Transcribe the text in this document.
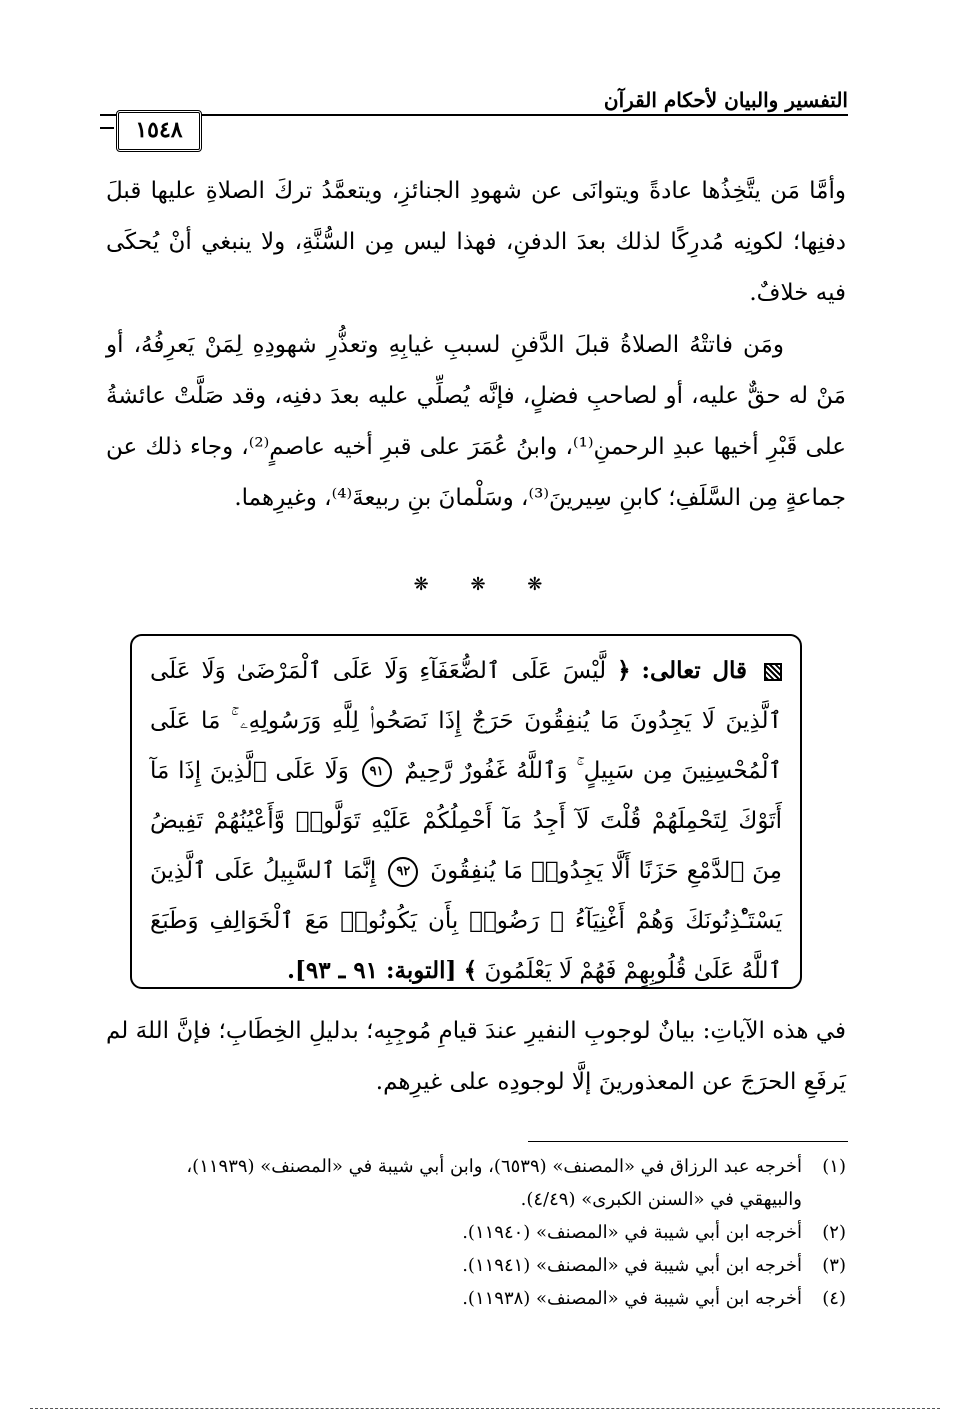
التفسير والبيان لأحكام القرآن
١٥٤٨

وأمَّا مَن يتَّخِذُها عادةً ويتوانَى عن شهودِ الجنائزِ، ويتعمَّدُ تركَ الصلاةِ عليها قبلَ دفنِها؛ لكونِه مُدرِكًا لذلك بعدَ الدفنِ، فهذا ليس مِن السُّنَّةِ، ولا ينبغي أنْ يُحكَى فيه خلافٌ.

ومَن فاتتْهُ الصلاةُ قبلَ الدَّفنِ لسببِ غيابِهِ وتعذُّرِ شهودِهِ لِمَنْ يَعرِفُهُ، أو مَنْ له حقٌّ عليه، أو لصاحبِ فضلٍ، فإنَّه يُصلِّي عليه بعدَ دفنِه، وقد صَلَّتْ عائشةُ على قَبْرِ أخيها عبدِ الرحمنِ⁽¹⁾، وابنُ عُمَرَ على قبرِ أخيه عاصمٍ⁽²⁾، وجاء ذلك عن جماعةٍ مِن السَّلَفِ؛ كابنِ سِيرينَ⁽³⁾، وسَلْمانَ بنِ ربيعةَ⁽⁴⁾، وغيرِهما.

❋ ❋ ❋
قال تعالى: ﴿ لَّيْسَ عَلَى ٱلضُّعَفَآءِ وَلَا عَلَى ٱلْمَرْضَىٰ وَلَا عَلَى ٱلَّذِينَ لَا يَجِدُونَ مَا يُنفِقُونَ حَرَجٌ إِذَا نَصَحُوا۟ لِلَّهِ وَرَسُولِهِۦ ۚ مَا عَلَى ٱلْمُحْسِنِينَ مِن سَبِيلٍ ۚ وَٱللَّهُ غَفُورٌ رَّحِيمٌ ٩١ وَلَا عَلَى ٱلَّذِينَ إِذَا مَآ أَتَوْكَ لِتَحْمِلَهُمْ قُلْتَ لَآ أَجِدُ مَآ أَحْمِلُكُمْ عَلَيْهِ تَوَلَّوا۟ وَّأَعْيُنُهُمْ تَفِيضُ مِنَ ٱلدَّمْعِ حَزَنًا أَلَّا يَجِدُوا۟ مَا يُنفِقُونَ ٩٢ إِنَّمَا ٱلسَّبِيلُ عَلَى ٱلَّذِينَ يَسْتَـْٔذِنُونَكَ وَهُمْ أَغْنِيَآءُ ۚ رَضُوا۟ بِأَن يَكُونُوا۟ مَعَ ٱلْخَوَالِفِ وَطَبَعَ ٱللَّهُ عَلَىٰ قُلُوبِهِمْ فَهُمْ لَا يَعْلَمُونَ ﴾ [التوبة: ٩١ ـ ٩٣].

في هذه الآياتِ: بيانٌ لوجوبِ النفيرِ عندَ قيامِ مُوجِبِه؛ بدليلِ الخِطَابِ؛ فإنَّ اللهَ لم يَرفَعِ الحرَجَ عن المعذورينَ إلَّا لوجودِه على غيرِهم.

(١)
أخرجه عبد الرزاق في «المصنف» (٦٥٣٩)، وابن أبي شيبة في «المصنف» (١١٩٣٩)، والبيهقي في «السنن الكبرى» (٤/٤٩).

(٢)
أخرجه ابن أبي شيبة في «المصنف» (١١٩٤٠).

(٣)
أخرجه ابن أبي شيبة في «المصنف» (١١٩٤١).

(٤)
أخرجه ابن أبي شيبة في «المصنف» (١١٩٣٨).
